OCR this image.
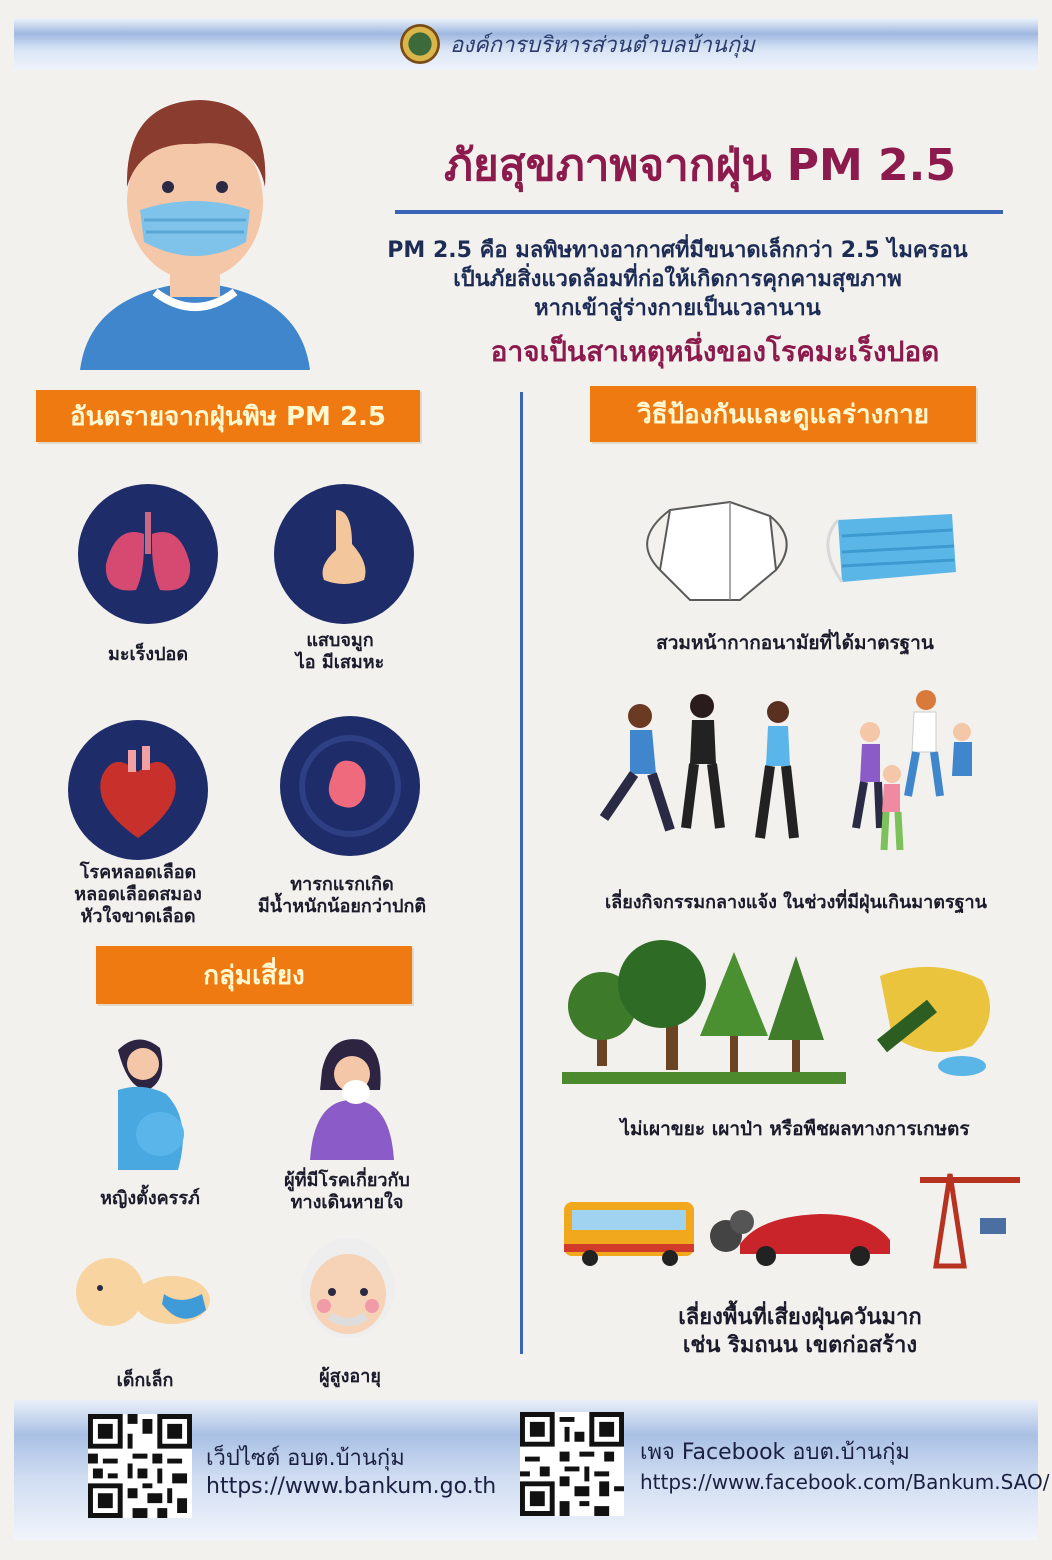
องค์การบริหารส่วนตำบลบ้านกุ่ม
ภัยสุขภาพจากฝุ่น PM 2.5
PM 2.5 คือ มลพิษทางอากาศที่มีขนาดเล็กกว่า 2.5 ไมครอน
เป็นภัยสิ่งแวดล้อมที่ก่อให้เกิดการคุกคามสุขภาพ
หากเข้าสู่ร่างกายเป็นเวลานาน
อาจเป็นสาเหตุหนึ่งของโรคมะเร็งปอด
อันตรายจากฝุ่นพิษ PM 2.5	วิธีป้องกันและดูแลร่างกาย
มะเร็งปอด
แสบจมูก
ไอ มีเสมหะ
โรคหลอดเลือด
หลอดเลือดสมอง
หัวใจขาดเลือด
ทารกแรกเกิด
มีน้ำหนักน้อยกว่าปกติ
กลุ่มเสี่ยง
หญิงตั้งครรภ์
ผู้ที่มีโรคเกี่ยวกับ
ทางเดินหายใจ
เด็กเล็ก	ผู้สูงอายุ
สวมหน้ากากอนามัยที่ได้มาตรฐาน
เลี่ยงกิจกรรมกลางแจ้ง ในช่วงที่มีฝุ่นเกินมาตรฐาน
ไม่เผาขยะ เผาป่า หรือพืชผลทางการเกษตร
เลี่ยงพื้นที่เสี่ยงฝุ่นควันมาก
เช่น ริมถนน เขตก่อสร้าง
เว็ปไซต์ อบต.บ้านกุ่ม
https://www.bankum.go.th
เพจ Facebook อบต.บ้านกุ่ม
https://www.facebook.com/Bankum.SAO/
